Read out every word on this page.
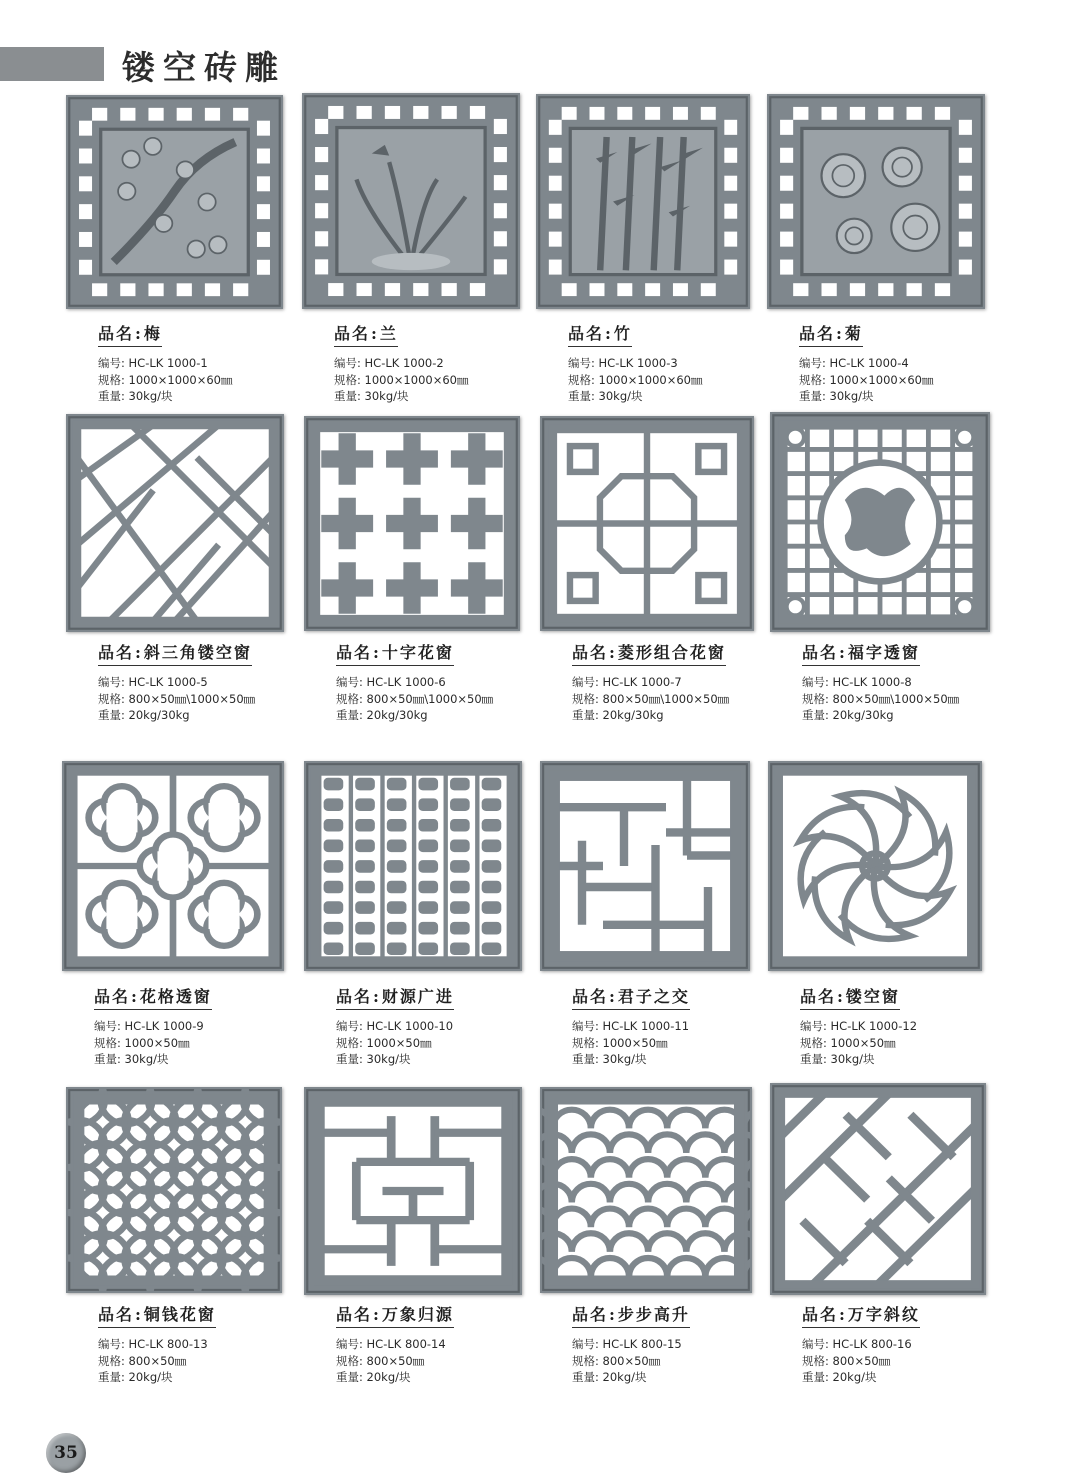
镂空砖雕
品名:梅
编号: HC-LK 1000-1
规格: 1000×1000×60㎜
重量: 30kg/块
品名:兰
编号: HC-LK 1000-2
规格: 1000×1000×60㎜
重量: 30kg/块
品名:竹
编号: HC-LK 1000-3
规格: 1000×1000×60㎜
重量: 30kg/块
品名:菊
编号: HC-LK 1000-4
规格: 1000×1000×60㎜
重量: 30kg/块
品名:斜三角镂空窗
编号: HC-LK 1000-5
规格: 800×50㎜\1000×50㎜
重量: 20kg/30kg
品名:十字花窗
编号: HC-LK 1000-6
规格: 800×50㎜\1000×50㎜
重量: 20kg/30kg
品名:菱形组合花窗
编号: HC-LK 1000-7
规格: 800×50㎜\1000×50㎜
重量: 20kg/30kg
品名:福字透窗
编号: HC-LK 1000-8
规格: 800×50㎜\1000×50㎜
重量: 20kg/30kg
品名:花格透窗
编号: HC-LK 1000-9
规格: 1000×50㎜
重量: 30kg/块
品名:财源广进
编号: HC-LK 1000-10
规格: 1000×50㎜
重量: 30kg/块
品名:君子之交
编号: HC-LK 1000-11
规格: 1000×50㎜
重量: 30kg/块
品名:镂空窗
编号: HC-LK 1000-12
规格: 1000×50㎜
重量: 30kg/块
品名:铜钱花窗
编号: HC-LK 800-13
规格: 800×50㎜
重量: 20kg/块
品名:万象归源
编号: HC-LK 800-14
规格: 800×50㎜
重量: 20kg/块
品名:步步高升
编号: HC-LK 800-15
规格: 800×50㎜
重量: 20kg/块
品名:万字斜纹
编号: HC-LK 800-16
规格: 800×50㎜
重量: 20kg/块
35
